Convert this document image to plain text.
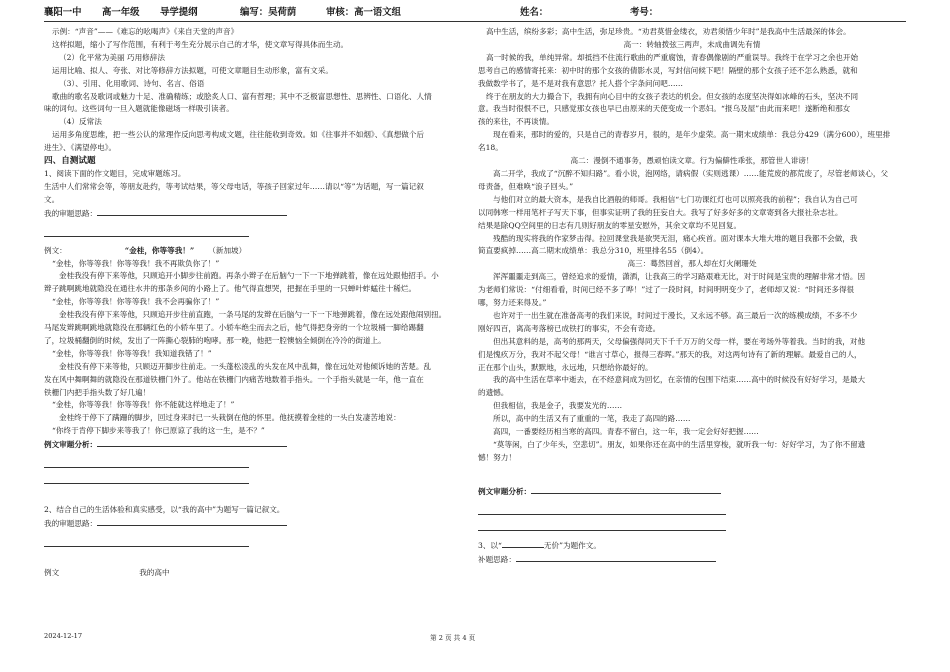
襄阳一中 高一年级 导学提纲	编写：吴荷荫	审核：高一语文组	姓名：	考号：

示例：“声音”——《难忘的吆喝声》《来自天堂的声音》

这样拟题，缩小了写作范围，有利于考生充分展示自己的才华，使文章写得具体而生动。

（2）化平常为美丽 巧用修辞法

运用比喻、拟人、夸张、对比等修辞方法拟题，可使文章题目生动形象，富有文采。

（3）、引用、化用歌词、诗句、名言、俗语

歌曲的歌名及歌词或魅力十足、准确精练；或脍炙人口、富有哲理；其中不乏极富思想性、思辨性、口语化、人情

味的词句。这些词句一旦入题就能像磁场一样吸引读者。

（4）反常法

运用多角度思维，把一些公认的常理作反向思考构成文题，往往能收到奇效。如《往事并不如烟》、《真想做个后

进生》、《满望停电》。

四、自测试题

1、阅读下面的作文题目，完成审题练习。

生活中人们常常会等，等朋友赴约，等考试结果，等父母电话，等孩子回家过年……请以“等”为话题，写一篇记叙

文。

我的审题思路：

例文：	“金桂，你等等我！” （新加坡）

“金桂，你等等我！你等等我！我不再欺负你了！”

金桂我没有停下来等他，只顾追开小脚步往前跑。再条小辫子在后脑勺一下一下地弹跳着，像在远处跟他招手。小

辫子跳啊跳地就隐没在通往水井的那条乡间的小路上了。他气得直想哭，把握在手里的一只蝉叶蚱蜢往十稀烂。

“金桂，你等等我！你等等我！我不会再骗你了！”

金桂我没有停下来等他，只顾追开步往前直跑，一条马尾的发辫在后脑勺一下一下地弹跳着，像在远处跟他闹别扭。

马尾发辫跳啊跳地就隐没在那辆红色的小轿车里了。小轿车绝尘而去之后，他气得把身旁的一个垃圾桶一脚给踢翻

了，垃圾桶翻倒的时候，发出了一阵撕心裂肺的咆哮。那一晚，他把一腔懊恼全倾倒在冷冷的街道上。

“金桂，你等等我！你等等我！我知道我错了！”

金桂没有停下来等他，只顾迈开脚步往前走。一头蓬松凌乱的头发在风中乱舞，像在远处对他倾诉她的苦楚。乱

发在风中舞啊舞的就隐没在那道铁栅门外了。他站在铁栅门内痛苦地数着手指头。一个手指头就是一年，他一直在

铁栅门内把手指头数了好几遍！

“金桂，你等等我！你等等我！你不能就这样地走了！”

金桂终于停下了蹒跚的脚步，回过身来时已一头栽倒在他的怀里。他抚摸着金桂的一头白发凄苦地说：

“你终于肯停下脚步来等我了！你已原谅了我的这一生，是不？”

例文审题分析：

2、结合自己的生活体验和真实感受，以“我的高中”为题写一篇记叙文。

我的审题思路：

例文	我的高中

高中生活，缤纷多彩；高中生活，弥足珍贵。“劝君莫惜金缕衣，劝君须惜少年时”是我高中生活最深的体会。

高一：转轴拨弦三两声，未成曲调先有情

高一时候的我，单纯异常。却抵挡不住流行歌曲的严重腐蚀，青春偶像剧的严重误导。我终于在学习之余也开始

思考自己的感情寄托来：初中时的那个女孩的倩影水灵，写封信问候下吧！隔壁的那个女孩子还不怎么熟悉，就和

我做数学书了，是不是对我有意思？托人搭个字条问问吧……

终于在朋友的大力撮合下，我拥有向心目中的女孩子表达的机会。但女孩的态度坚决得如冰峰的石头，坚决不同

意。我当时很恨不已，只感觉那女孩也早已由原来的天使变成一个恶妇。“报乌及屋”由此而来吧！遂断绝和那女

孩的来往，不再谈情。

现在看来，那时的爱的，只是自己的青春岁月，很的，是年少虚荣。高一期末成绩单：我总分429（满分600），班里排

名18。

高二：漫倒不通事务，愚顽怕读文章。行为偏僻性乖张，那管世人诽谤！

高二开学，我成了“沉醉不知归路”。看小说，泡网络，请病假（实则逃课）……能荒废的都荒废了，尽管老师谈心，父

母责备，但难唤“浪子回头。”

与他们对立的最大资本，是我自比酒般的师哥。我相信“七门功课红灯也可以照亮我的前程”；我自认为自己可

以同韩寒一样用笔杆子写天下事，但事实证明了我的狂妄自大。我写了好多好多的文章寄到各大报社杂志社。

结果是除QQ空间里的日志有几则好朋友的零星安慰外，其余文章均不见回复。

残酷的现实将我的作家梦击得。拉回课堂我是欲哭无泪，痛心疾首。面对课本大堆大堆的题目我都不会做，我

简直要疯掉……高二期末成绩单：我总分310，班里排名55（倒4）。

高三：蓦然回首，那人却在灯火阑珊处

浑浑噩噩走到高三，曾经追求的爱情，潇洒，让我高三的学习路艰难无比，对于时间是宝贵的理解非常才悟。因

为老师们常说：“付细看看，时间已经不多了哗！”过了一段时间，时间明明变少了，老师却又说：“时间还多得很

哪，努力还来得及。”

也许对于一出生就在准备高考的我们来说，时间过于漫长，又永远不够。高三最后一次的练模成绩，不多不少

刚好四百，离高考落榜已成铁打的事实，不会有奇迹。

但出其意料的是，高考的那两天，父母偏强得同天下千千万万的父母一样，要在考场外等着我。当时的我，对他

们是愧疚万分，我对不起父母！“谁言寸草心，报得三春晖。”那天的我，对这两句诗有了新的理解。最爱自己的人，

正在那个山头，默默地，永远地，只想给你最好的。

我的高中生活在草率中逝去，在不经意间成为回忆，在亲情的包围下结束……高中的时候没有好好学习，是最大

的遗憾。

但我相信，我是金子，我要发光的……

所以，高中的生活又有了重重的一笔，我走了高四的路……

高四，一番要经历相当寒的高四。青春不留白，这一年，我一定会好好把握……

“莫等闲，白了少年头，空悲切”。朋友，如果你还在高中的生活里穿梭，就听我一句：好好学习，为了你不留遗

憾！努力！

例文审题分析：

3、以“	无价”为题作文。

补题思路：

2024-12-17	第 2 页 共 4 页
